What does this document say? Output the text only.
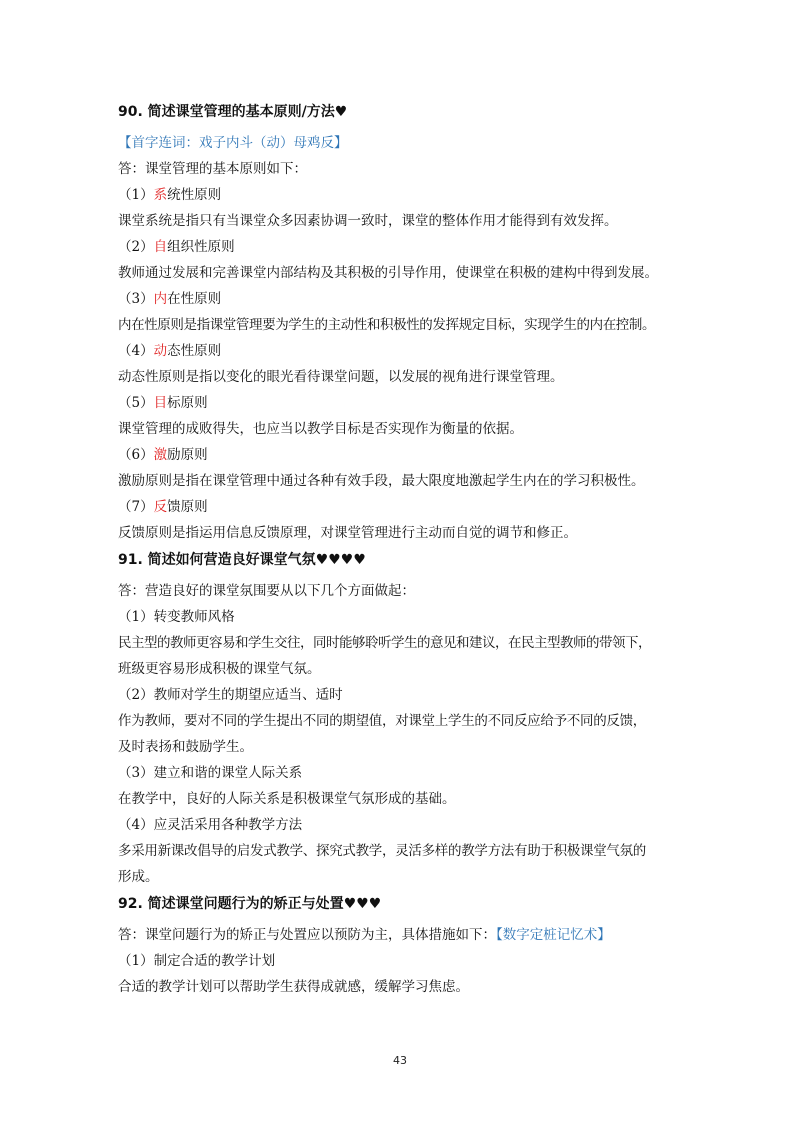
90. 简述课堂管理的基本原则/方法♥

【首字连词：戏子内斗（动）母鸡反】

答：课堂管理的基本原则如下：

（1）系统性原则

课堂系统是指只有当课堂众多因素协调一致时，课堂的整体作用才能得到有效发挥。

（2）自组织性原则

教师通过发展和完善课堂内部结构及其积极的引导作用，使课堂在积极的建构中得到发展。

（3）内在性原则

内在性原则是指课堂管理要为学生的主动性和积极性的发挥规定目标，实现学生的内在控制。

（4）动态性原则

动态性原则是指以变化的眼光看待课堂问题，以发展的视角进行课堂管理。

（5）目标原则

课堂管理的成败得失，也应当以教学目标是否实现作为衡量的依据。

（6）激励原则

激励原则是指在课堂管理中通过各种有效手段，最大限度地激起学生内在的学习积极性。

（7）反馈原则

反馈原则是指运用信息反馈原理，对课堂管理进行主动而自觉的调节和修正。

91. 简述如何营造良好课堂气氛♥♥♥♥

答：营造良好的课堂氛围要从以下几个方面做起：

（1）转变教师风格

民主型的教师更容易和学生交往，同时能够聆听学生的意见和建议，在民主型教师的带领下，

班级更容易形成积极的课堂气氛。

（2）教师对学生的期望应适当、适时

作为教师，要对不同的学生提出不同的期望值，对课堂上学生的不同反应给予不同的反馈，

及时表扬和鼓励学生。

（3）建立和谐的课堂人际关系

在教学中，良好的人际关系是积极课堂气氛形成的基础。

（4）应灵活采用各种教学方法

多采用新课改倡导的启发式教学、探究式教学，灵活多样的教学方法有助于积极课堂气氛的

形成。

92. 简述课堂问题行为的矫正与处置♥♥♥

答：课堂问题行为的矫正与处置应以预防为主，具体措施如下：【数字定桩记忆术】

（1）制定合适的教学计划

合适的教学计划可以帮助学生获得成就感，缓解学习焦虑。

43
